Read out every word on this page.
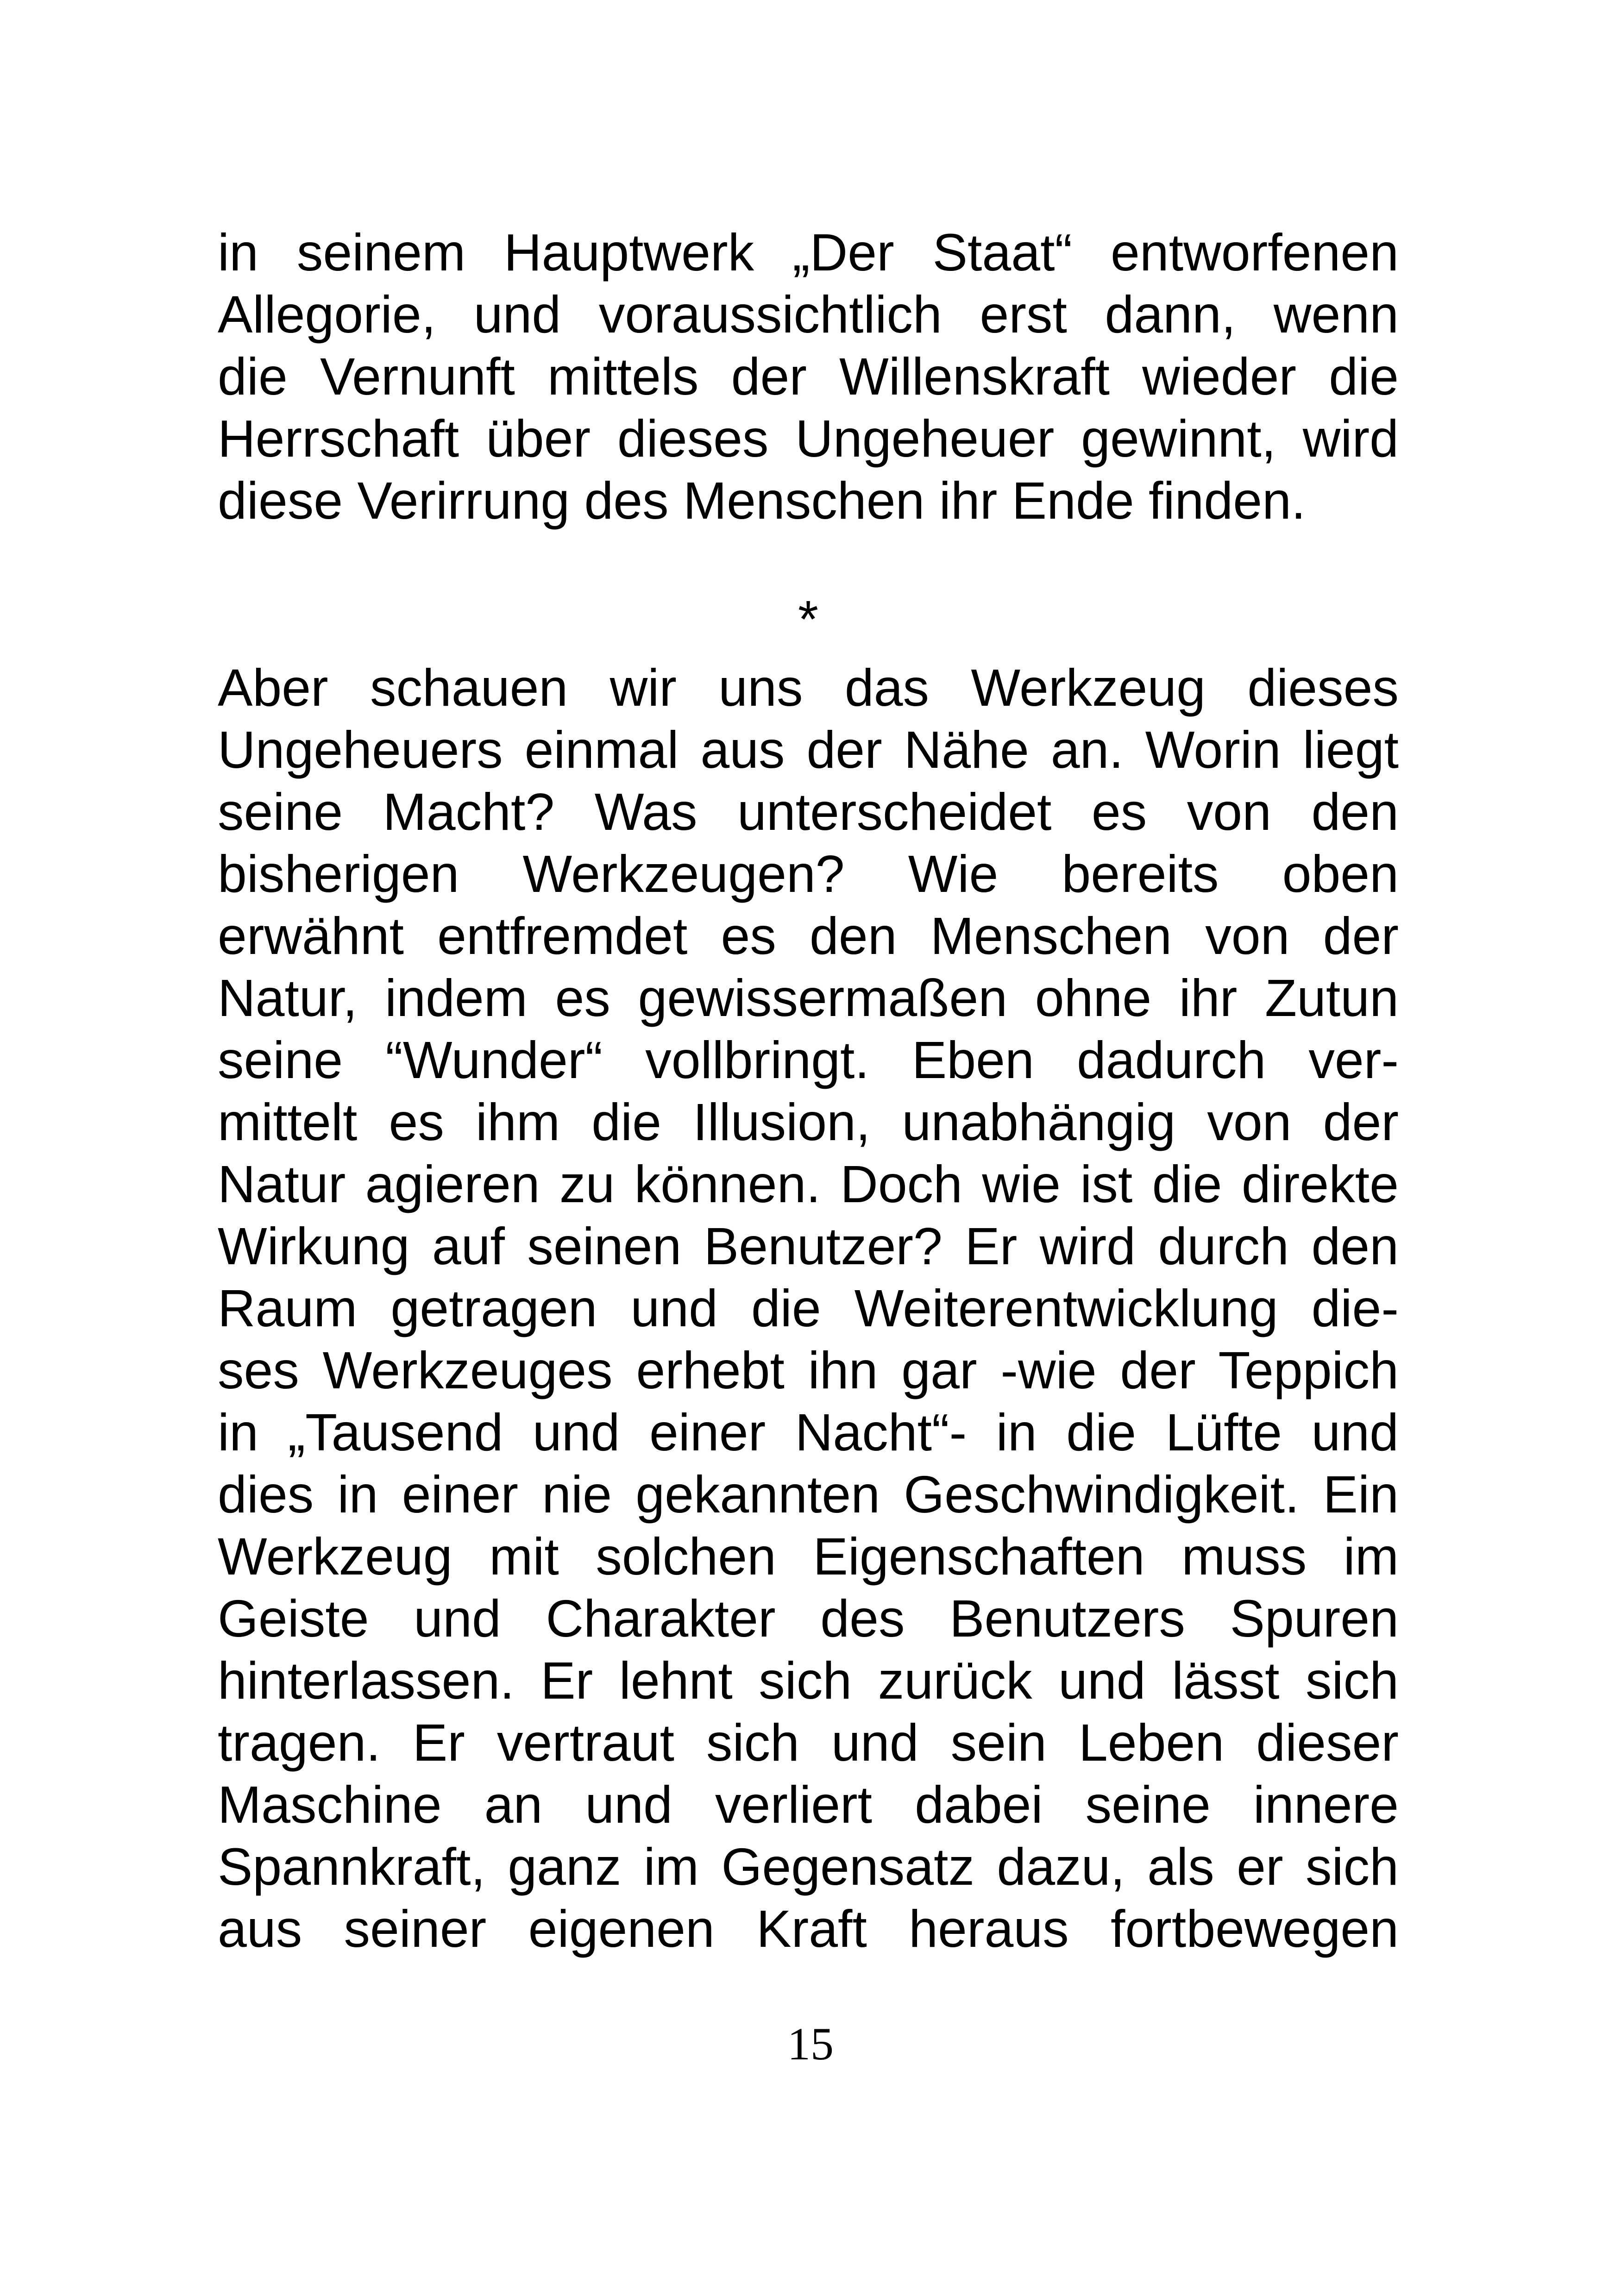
in seinem Hauptwerk „Der Staat“ entworfenen
Allegorie, und voraussichtlich erst dann, wenn
die Vernunft mittels der Willenskraft wieder die
Herrschaft über dieses Ungeheuer gewinnt, wird
diese Verirrung des Menschen ihr Ende finden.
*
Aber schauen wir uns das Werkzeug dieses
Ungeheuers einmal aus der Nähe an. Worin liegt
seine Macht? Was unterscheidet es von den
bisherigen Werkzeugen? Wie bereits oben
erwähnt entfremdet es den Menschen von der
Natur, indem es gewissermaßen ohne ihr Zutun
seine “Wunder“ vollbringt. Eben dadurch ver-
mittelt es ihm die Illusion, unabhängig von der
Natur agieren zu können. Doch wie ist die direkte
Wirkung auf seinen Benutzer? Er wird durch den
Raum getragen und die Weiterentwicklung die-
ses Werkzeuges erhebt ihn gar -wie der Teppich
in „Tausend und einer Nacht“- in die Lüfte und
dies in einer nie gekannten Geschwindigkeit. Ein
Werkzeug mit solchen Eigenschaften muss im
Geiste und Charakter des Benutzers Spuren
hinterlassen. Er lehnt sich zurück und lässt sich
tragen. Er vertraut sich und sein Leben dieser
Maschine an und verliert dabei seine innere
Spannkraft, ganz im Gegensatz dazu, als er sich
aus seiner eigenen Kraft heraus fortbewegen
15
